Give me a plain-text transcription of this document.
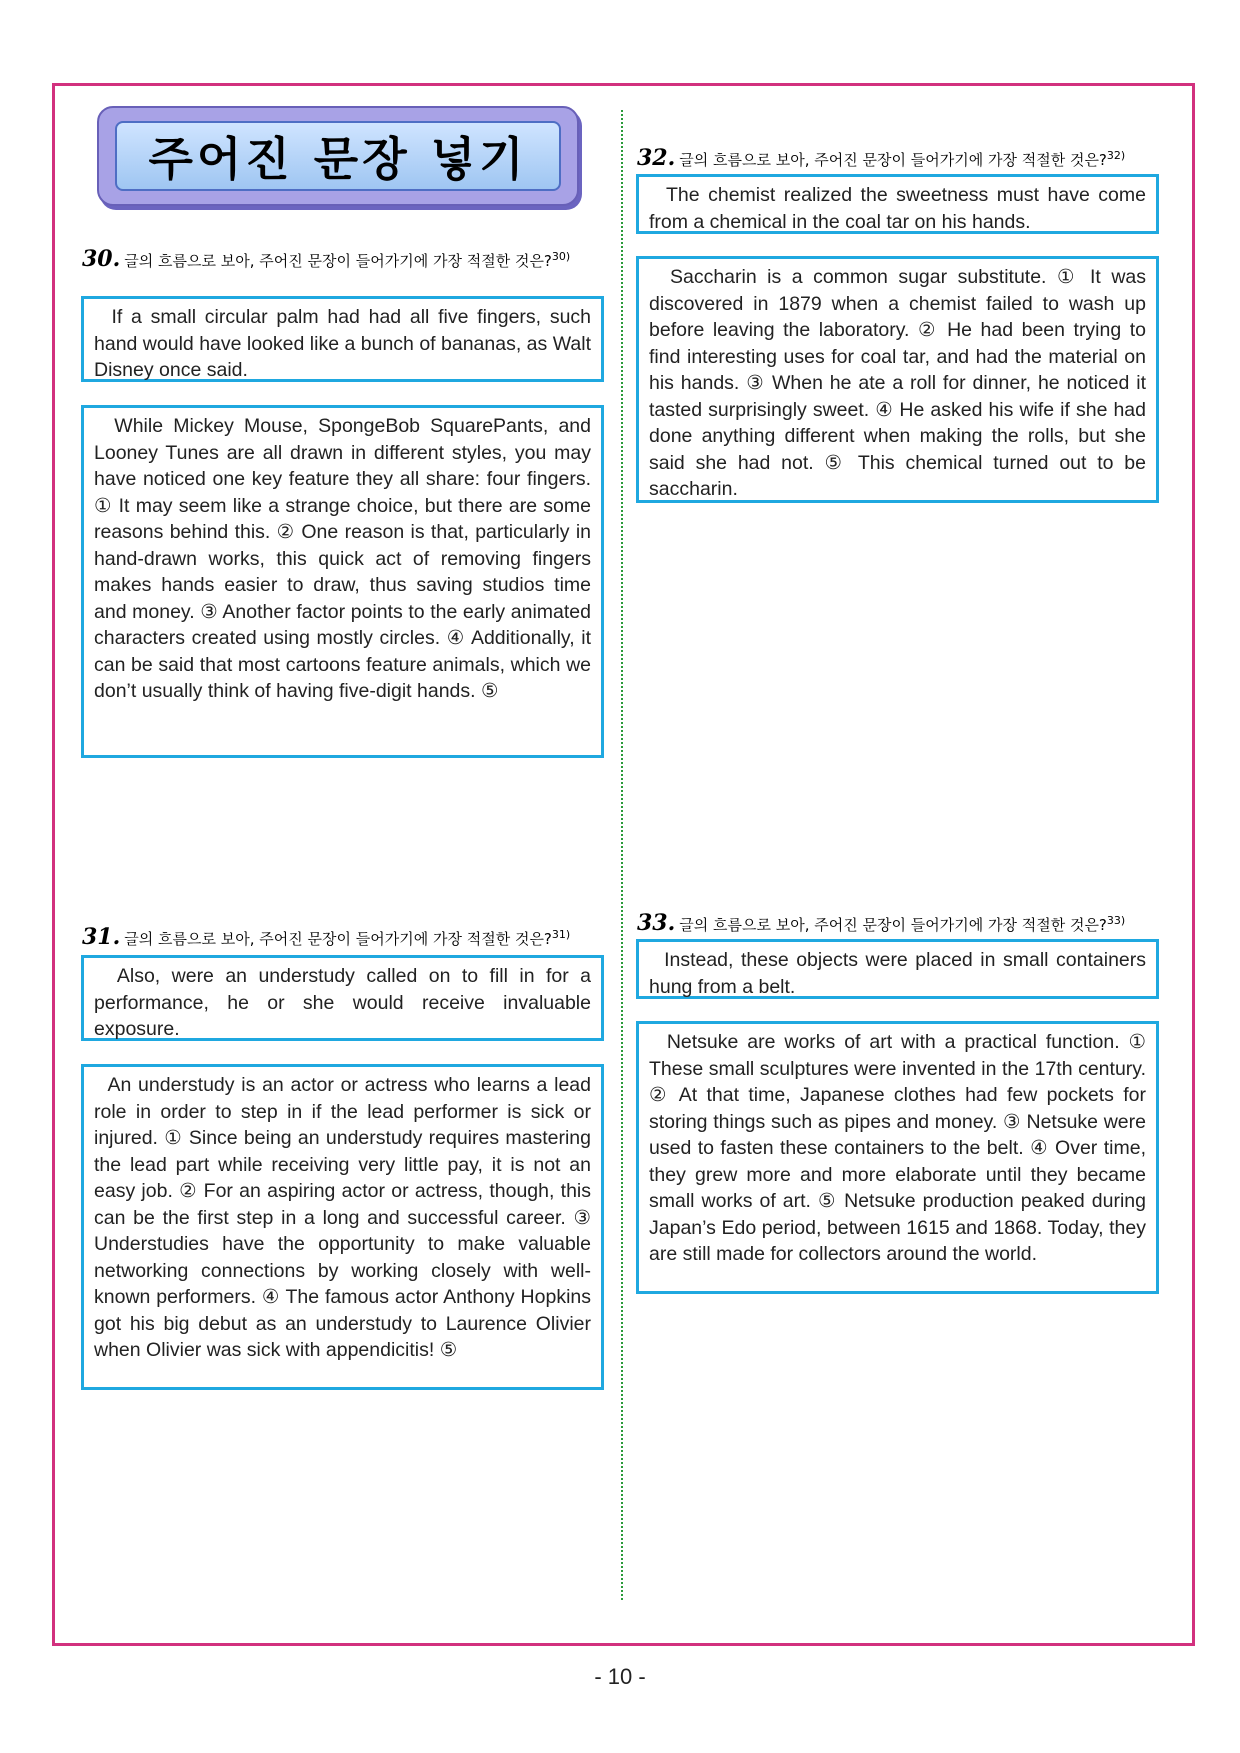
주어진 문장 넣기
30. 글의 흐름으로 보아, 주어진 문장이 들어가기에 가장 적절한 것은?$^{30)}$
If a small circular palm had had all five fingers, such hand would have looked like a bunch of bananas, as Walt Disney once said.
While Mickey Mouse, SpongeBob SquarePants, and Looney Tunes are all drawn in different styles, you may have noticed one key feature they all share: four fingers. ① It may seem like a strange choice, but there are some reasons behind this. ② One reason is that, particularly in hand-drawn works, this quick act of removing fingers makes hands easier to draw, thus saving studios time and money. ③ Another factor points to the early animated characters created using mostly circles. ④ Additionally, it can be said that most cartoons feature animals, which we don’t usually think of having five-digit hands. ⑤
31. 글의 흐름으로 보아, 주어진 문장이 들어가기에 가장 적절한 것은?$^{31)}$
Also, were an understudy called on to fill in for a performance, he or she would receive invaluable exposure.
An understudy is an actor or actress who learns a lead role in order to step in if the lead performer is sick or injured. ① Since being an understudy requires mastering the lead part while receiving very little pay, it is not an easy job. ② For an aspiring actor or actress, though, this can be the first step in a long and successful career. ③ Understudies have the opportunity to make valuable networking connections by working closely with well-known performers. ④ The famous actor Anthony Hopkins got his big debut as an understudy to Laurence Olivier when Olivier was sick with appendicitis! ⑤
32. 글의 흐름으로 보아, 주어진 문장이 들어가기에 가장 적절한 것은?$^{32)}$
The chemist realized the sweetness must have come from a chemical in the coal tar on his hands.
Saccharin is a common sugar substitute. ① It was discovered in 1879 when a chemist failed to wash up before leaving the laboratory. ② He had been trying to find interesting uses for coal tar, and had the material on his hands. ③ When he ate a roll for dinner, he noticed it tasted surprisingly sweet. ④ He asked his wife if she had done anything different when making the rolls, but she said she had not. ⑤ This chemical turned out to be saccharin.
33. 글의 흐름으로 보아, 주어진 문장이 들어가기에 가장 적절한 것은?$^{33)}$
Instead, these objects were placed in small containers hung from a belt.
Netsuke are works of art with a practical function. ① These small sculptures were invented in the 17th century. ② At that time, Japanese clothes had few pockets for storing things such as pipes and money. ③ Netsuke were used to fasten these containers to the belt. ④ Over time, they grew more and more elaborate until they became small works of art. ⑤ Netsuke production peaked during Japan’s Edo period, between 1615 and 1868. Today, they are still made for collectors around the world.
- 10 -
